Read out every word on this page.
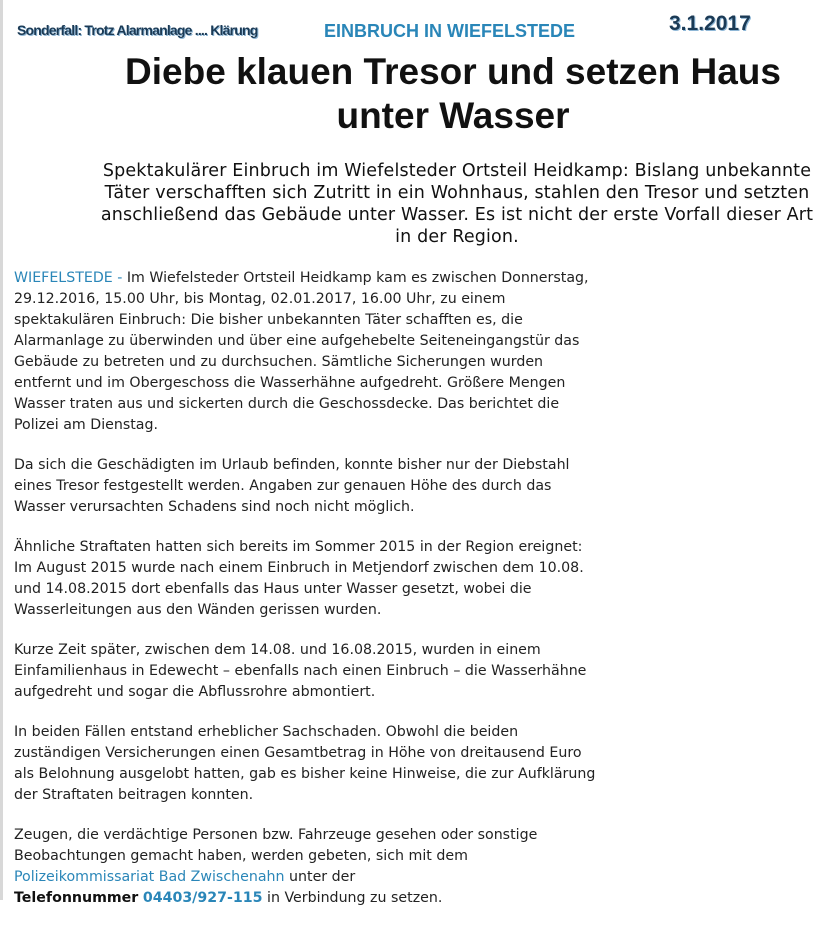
Sonderfall: Trotz Alarmanlage .... Klärung	3.1.2017
EINBRUCH IN WIEFELSTEDE
Diebe klauen Tresor und setzen Haus unter Wasser

Spektakulärer Einbruch im Wiefelsteder Ortsteil Heidkamp: Bislang unbekannte Täter verschafften sich Zutritt in ein Wohnhaus, stahlen den Tresor und setzten anschließend das Gebäude unter Wasser. Es ist nicht der erste Vorfall dieser Art in der Region.

WIEFELSTEDE - Im Wiefelsteder Ortsteil Heidkamp kam es zwischen Donnerstag, 29.12.2016, 15.00 Uhr, bis Montag, 02.01.2017, 16.00 Uhr, zu einem spektakulären Einbruch: Die bisher unbekannten Täter schafften es, die Alarmanlage zu überwinden und über eine aufgehebelte Seiteneingangstür das Gebäude zu betreten und zu durchsuchen. Sämtliche Sicherungen wurden entfernt und im Obergeschoss die Wasserhähne aufgedreht. Größere Mengen Wasser traten aus und sickerten durch die Geschossdecke. Das berichtet die Polizei am Dienstag.

Da sich die Geschädigten im Urlaub befinden, konnte bisher nur der Diebstahl eines Tresor festgestellt werden. Angaben zur genauen Höhe des durch das Wasser verursachten Schadens sind noch nicht möglich.

Ähnliche Straftaten hatten sich bereits im Sommer 2015 in der Region ereignet: Im August 2015 wurde nach einem Einbruch in Metjendorf zwischen dem 10.08. und 14.08.2015 dort ebenfalls das Haus unter Wasser gesetzt, wobei die Wasserleitungen aus den Wänden gerissen wurden.

Kurze Zeit später, zwischen dem 14.08. und 16.08.2015, wurden in einem Einfamilienhaus in Edewecht – ebenfalls nach einen Einbruch – die Wasserhähne aufgedreht und sogar die Abflussrohre abmontiert.

In beiden Fällen entstand erheblicher Sachschaden. Obwohl die beiden zuständigen Versicherungen einen Gesamtbetrag in Höhe von dreitausend Euro als Belohnung ausgelobt hatten, gab es bisher keine Hinweise, die zur Aufklärung der Straftaten beitragen konnten.

Zeugen, die verdächtige Personen bzw. Fahrzeuge gesehen oder sonstige Beobachtungen gemacht haben, werden gebeten, sich mit dem Polizeikommissariat Bad Zwischenahn unter der
Telefonnummer 04403/927-115 in Verbindung zu setzen.
